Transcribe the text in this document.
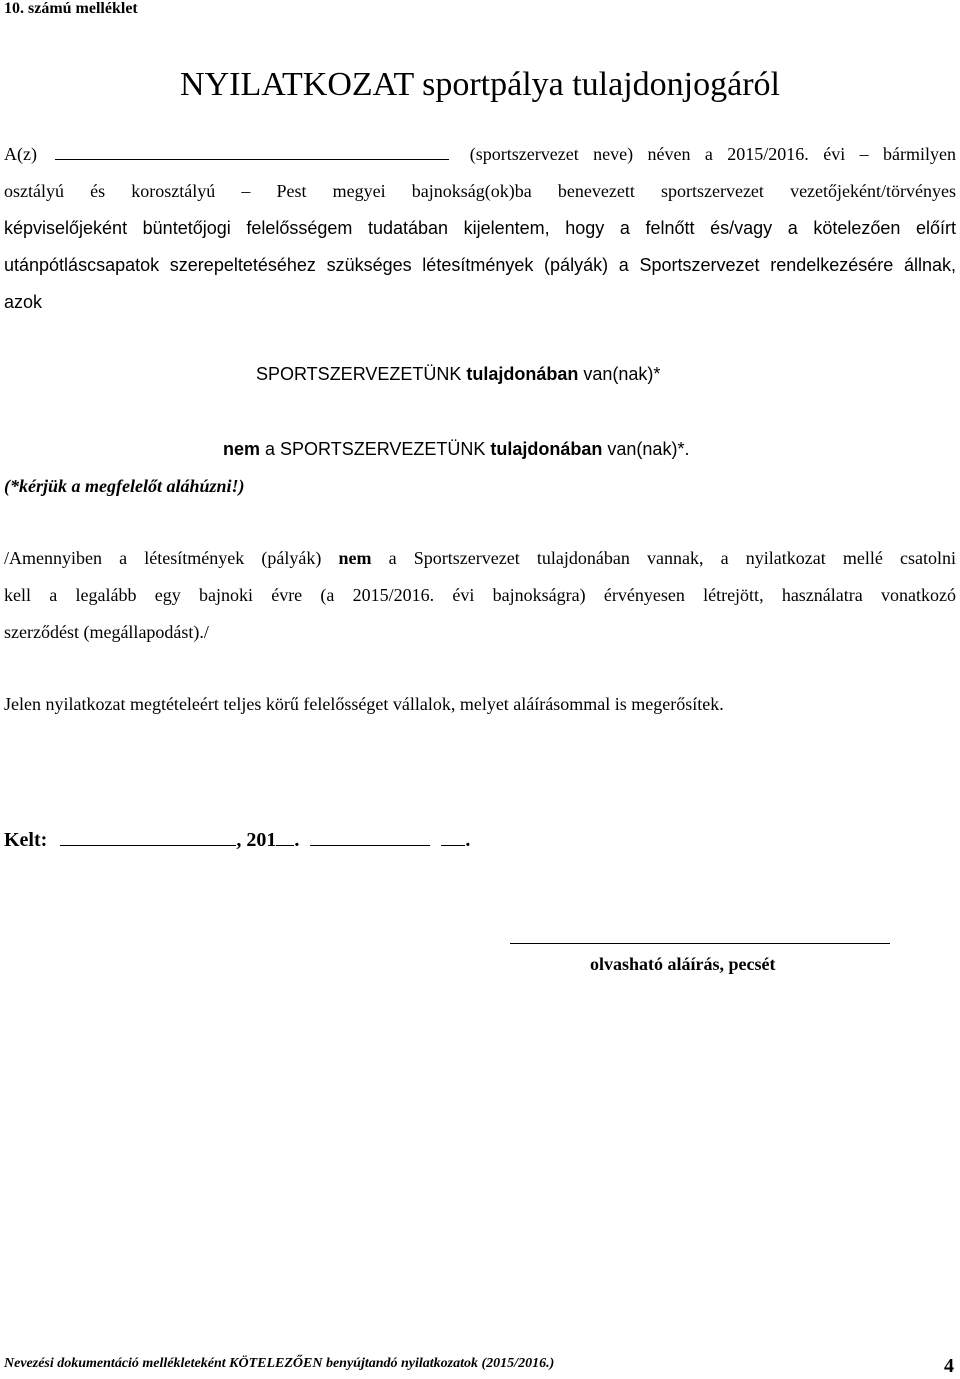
10. számú melléklet
NYILATKOZAT sportpálya tulajdonjogáról
A(z)	(sportszervezet neve) néven a 2015/2016. évi – bármilyen
osztályú és korosztályú – Pest megyei bajnokság(ok)ba benevezett sportszervezet vezetőjeként/törvényes
képviselőjeként büntetőjogi felelősségem tudatában kijelentem, hogy a felnőtt és/vagy a kötelezően előírt
utánpótláscsapatok szerepeltetéséhez szükséges létesítmények (pályák) a Sportszervezet rendelkezésére állnak,
azok
SPORTSZERVEZETÜNK tulajdonában van(nak)*
nem a SPORTSZERVEZETÜNK tulajdonában van(nak)*.
(*kérjük a megfelelőt aláhúzni!)
/Amennyiben a létesítmények (pályák) nem a Sportszervezet tulajdonában vannak, a nyilatkozat mellé csatolni
kell a legalább egy bajnoki évre (a 2015/2016. évi bajnokságra) érvényesen létrejött, használatra vonatkozó
szerződést (megállapodást)./
Jelen nyilatkozat megtételeért teljes körű felelősséget vállalok, melyet aláírásommal is megerősítek.
Kelt:	, 201 .	.
olvasható aláírás, pecsét
Nevezési dokumentáció mellékleteként KÖTELEZŐEN benyújtandó nyilatkozatok (2015/2016.)	4
